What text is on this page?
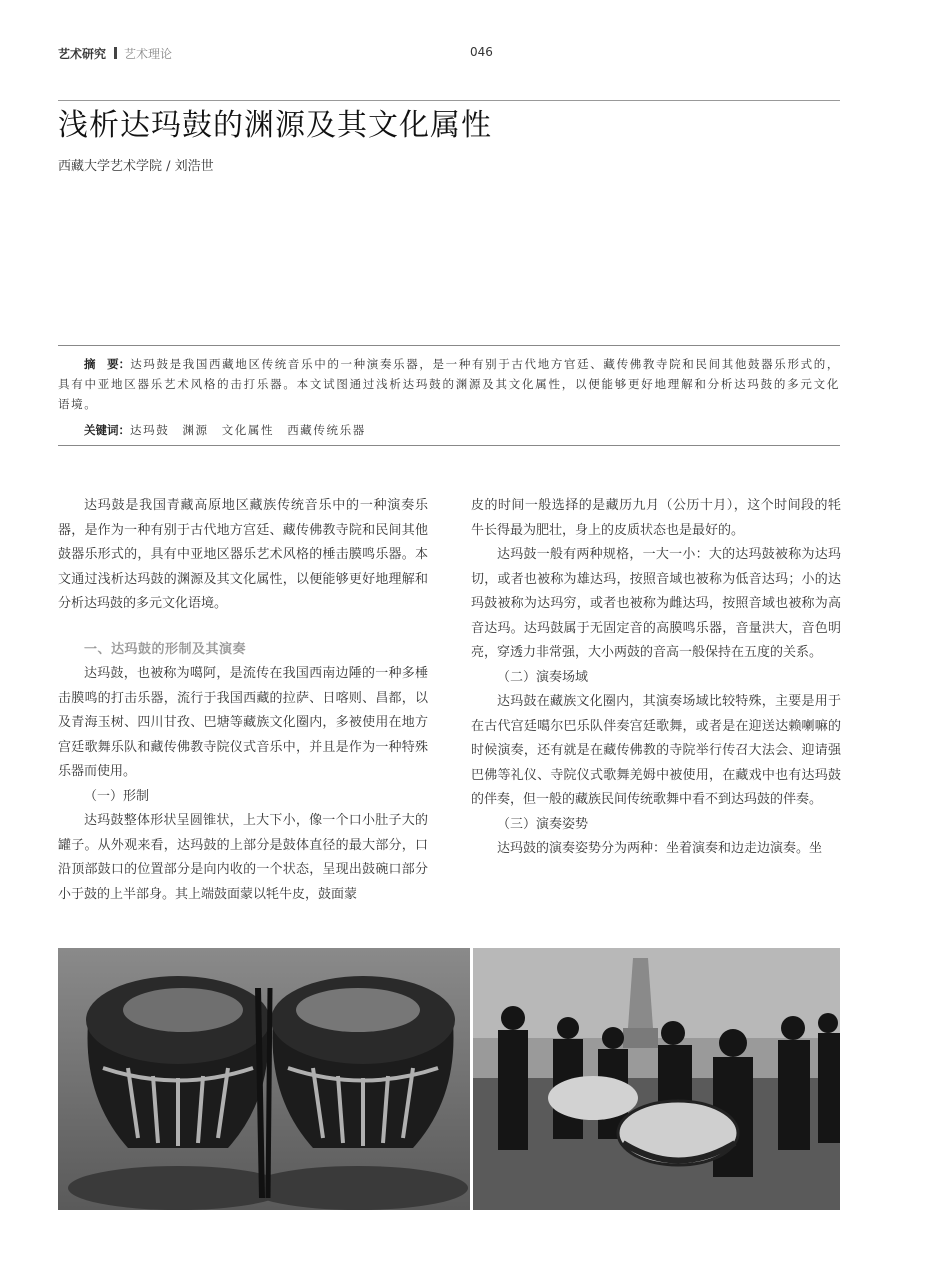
艺术研究 艺术理论	046
浅析达玛鼓的渊源及其文化属性
西藏大学艺术学院 / 刘浩世
摘　要：达玛鼓是我国西藏地区传统音乐中的一种演奏乐器，是一种有别于古代地方官廷、藏传佛教寺院和民间其他鼓器乐形式的，具有中亚地区器乐艺术风格的击打乐器。本文试图通过浅析达玛鼓的渊源及其文化属性，以便能够更好地理解和分析达玛鼓的多元文化语境。
关键词：达玛鼓　渊源　文化属性　西藏传统乐器

达玛鼓是我国青藏高原地区藏族传统音乐中的一种演奏乐器，是作为一种有别于古代地方宫廷、藏传佛教寺院和民间其他鼓器乐形式的，具有中亚地区器乐艺术风格的棰击膜鸣乐器。本文通过浅析达玛鼓的渊源及其文化属性，以便能够更好地理解和分析达玛鼓的多元文化语境。

一、达玛鼓的形制及其演奏

达玛鼓，也被称为噶阿，是流传在我国西南边陲的一种多棰击膜鸣的打击乐器，流行于我国西藏的拉萨、日喀则、昌都，以及青海玉树、四川甘孜、巴塘等藏族文化圈内，多被使用在地方宫廷歌舞乐队和藏传佛教寺院仪式音乐中，并且是作为一种特殊乐器而使用。

（一）形制

达玛鼓整体形状呈圆锥状，上大下小，像一个口小肚子大的罐子。从外观来看，达玛鼓的上部分是鼓体直径的最大部分，口沿顶部鼓口的位置部分是向内收的一个状态，呈现出鼓碗口部分小于鼓的上半部身。其上端鼓面蒙以牦牛皮，鼓面蒙

皮的时间一般选择的是藏历九月（公历十月），这个时间段的牦牛长得最为肥壮，身上的皮质状态也是最好的。

达玛鼓一般有两种规格，一大一小：大的达玛鼓被称为达玛切，或者也被称为雄达玛，按照音域也被称为低音达玛；小的达玛鼓被称为达玛穷，或者也被称为雌达玛，按照音域也被称为高音达玛。达玛鼓属于无固定音的高膜鸣乐器，音量洪大，音色明亮，穿透力非常强，大小两鼓的音高一般保持在五度的关系。

（二）演奏场域

达玛鼓在藏族文化圈内，其演奏场域比较特殊，主要是用于在古代宫廷噶尔巴乐队伴奏宫廷歌舞，或者是在迎送达赖喇嘛的时候演奏，还有就是在藏传佛教的寺院举行传召大法会、迎请强巴佛等礼仪、寺院仪式歌舞羌姆中被使用，在藏戏中也有达玛鼓的伴奏，但一般的藏族民间传统歌舞中看不到达玛鼓的伴奏。

（三）演奏姿势

达玛鼓的演奏姿势分为两种：坐着演奏和边走边演奏。坐
